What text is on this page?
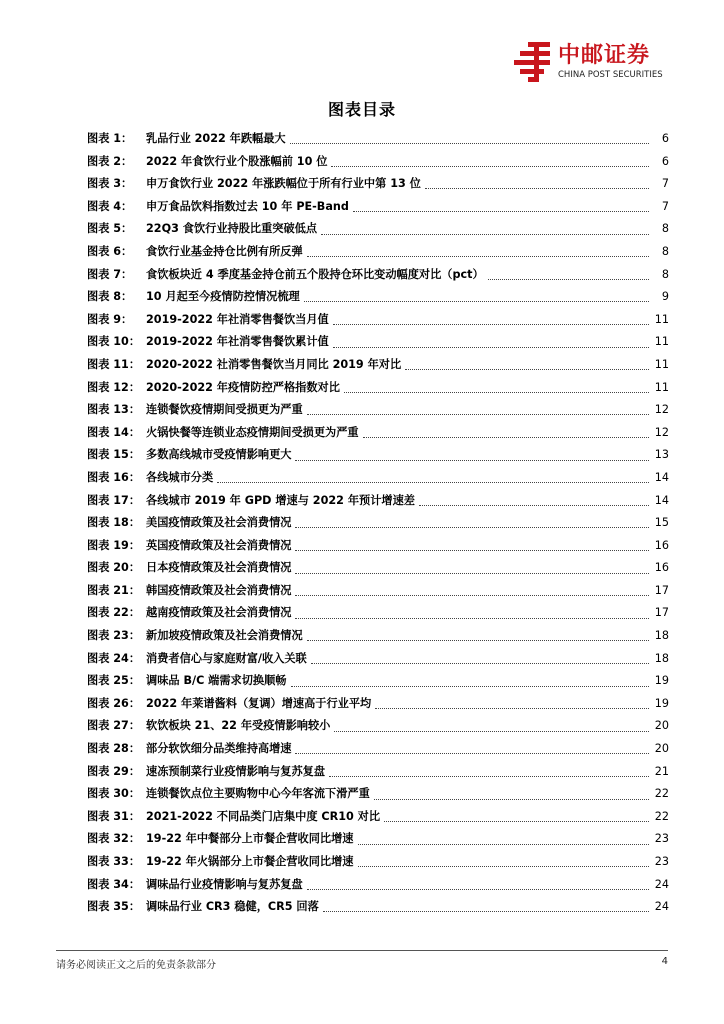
中邮证券
CHINA POST SECURITIES
图表目录
图表 1：	乳品行业 2022 年跌幅最大	6
图表 2：	2022 年食饮行业个股涨幅前 10 位	6
图表 3：	申万食饮行业 2022 年涨跌幅位于所有行业中第 13 位	7
图表 4：	申万食品饮料指数过去 10 年 PE-Band	7
图表 5：	22Q3 食饮行业持股比重突破低点	8
图表 6：	食饮行业基金持仓比例有所反弹	8
图表 7：	食饮板块近 4 季度基金持仓前五个股持仓环比变动幅度对比（pct）	8
图表 8：	10 月起至今疫情防控情况梳理	9
图表 9：	2019-2022 年社消零售餐饮当月值	11
图表 10： 2019-2022 年社消零售餐饮累计值	11
图表 11： 2020-2022 社消零售餐饮当月同比 2019 年对比	11
图表 12： 2020-2022 年疫情防控严格指数对比	11
图表 13： 连锁餐饮疫情期间受损更为严重	12
图表 14： 火锅快餐等连锁业态疫情期间受损更为严重	12
图表 15： 多数高线城市受疫情影响更大	13
图表 16： 各线城市分类	14
图表 17： 各线城市 2019 年 GPD 增速与 2022 年预计增速差	14
图表 18： 美国疫情政策及社会消费情况	15
图表 19： 英国疫情政策及社会消费情况	16
图表 20： 日本疫情政策及社会消费情况	16
图表 21： 韩国疫情政策及社会消费情况	17
图表 22： 越南疫情政策及社会消费情况	17
图表 23： 新加坡疫情政策及社会消费情况	18
图表 24： 消费者信心与家庭财富/收入关联	18
图表 25： 调味品 B/C 端需求切换顺畅	19
图表 26： 2022 年莱谱酱料（复调）增速高于行业平均	19
图表 27： 软饮板块 21、22 年受疫情影响较小	20
图表 28： 部分软饮细分品类维持高增速	20
图表 29： 速冻预制菜行业疫情影响与复苏复盘	21
图表 30： 连锁餐饮点位主要购物中心今年客流下滑严重	22
图表 31： 2021-2022 不同品类门店集中度 CR10 对比	22
图表 32： 19-22 年中餐部分上市餐企营收同比增速	23
图表 33： 19-22 年火锅部分上市餐企营收同比增速	23
图表 34： 调味品行业疫情影响与复苏复盘	24
图表 35： 调味品行业 CR3 稳健，CR5 回落	24
请务必阅读正文之后的免责条款部分	4
